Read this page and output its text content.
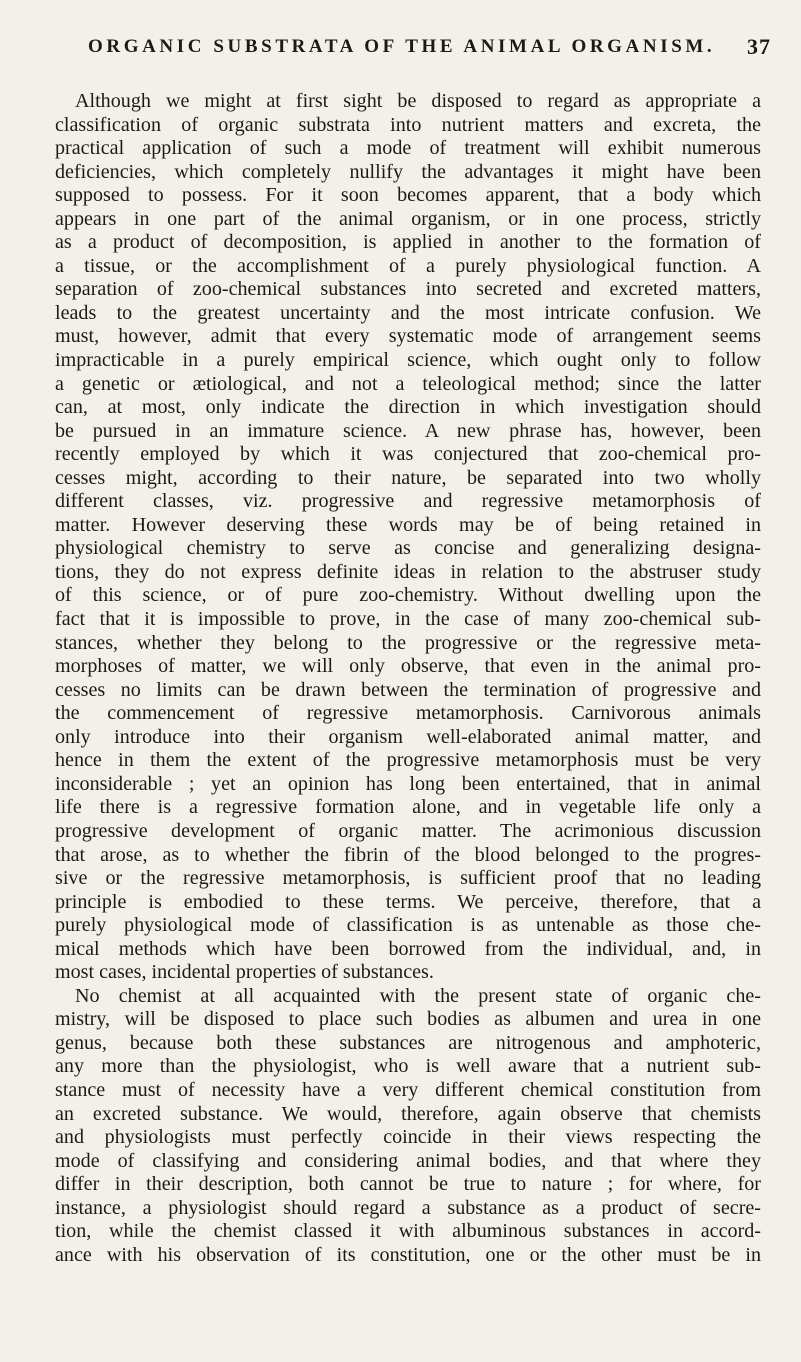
ORGANIC SUBSTRATA OF THE ANIMAL ORGANISM. 37
Although we might at first sight be disposed to regard as appropriate a
classification of organic substrata into nutrient matters and excreta, the
practical application of such a mode of treatment will exhibit numerous
deficiencies, which completely nullify the advantages it might have been
supposed to possess. For it soon becomes apparent, that a body which
appears in one part of the animal organism, or in one process, strictly
as a product of decomposition, is applied in another to the formation of
a tissue, or the accomplishment of a purely physiological function. A
separation of zoo-chemical substances into secreted and excreted matters,
leads to the greatest uncertainty and the most intricate confusion. We
must, however, admit that every systematic mode of arrangement seems
impracticable in a purely empirical science, which ought only to follow
a genetic or ætiological, and not a teleological method; since the latter
can, at most, only indicate the direction in which investigation should
be pursued in an immature science. A new phrase has, however, been
recently employed by which it was conjectured that zoo-chemical pro-
cesses might, according to their nature, be separated into two wholly
different classes, viz. progressive and regressive metamorphosis of
matter. However deserving these words may be of being retained in
physiological chemistry to serve as concise and generalizing designa-
tions, they do not express definite ideas in relation to the abstruser study
of this science, or of pure zoo-chemistry. Without dwelling upon the
fact that it is impossible to prove, in the case of many zoo-chemical sub-
stances, whether they belong to the progressive or the regressive meta-
morphoses of matter, we will only observe, that even in the animal pro-
cesses no limits can be drawn between the termination of progressive and
the commencement of regressive metamorphosis. Carnivorous animals
only introduce into their organism well-elaborated animal matter, and
hence in them the extent of the progressive metamorphosis must be very
inconsiderable ; yet an opinion has long been entertained, that in animal
life there is a regressive formation alone, and in vegetable life only a
progressive development of organic matter. The acrimonious discussion
that arose, as to whether the fibrin of the blood belonged to the progres-
sive or the regressive metamorphosis, is sufficient proof that no leading
principle is embodied to these terms. We perceive, therefore, that a
purely physiological mode of classification is as untenable as those che-
mical methods which have been borrowed from the individual, and, in
most cases, incidental properties of substances.
No chemist at all acquainted with the present state of organic che-
mistry, will be disposed to place such bodies as albumen and urea in one
genus, because both these substances are nitrogenous and amphoteric,
any more than the physiologist, who is well aware that a nutrient sub-
stance must of necessity have a very different chemical constitution from
an excreted substance. We would, therefore, again observe that chemists
and physiologists must perfectly coincide in their views respecting the
mode of classifying and considering animal bodies, and that where they
differ in their description, both cannot be true to nature ; for where, for
instance, a physiologist should regard a substance as a product of secre-
tion, while the chemist classed it with albuminous substances in accord-
ance with his observation of its constitution, one or the other must be in
